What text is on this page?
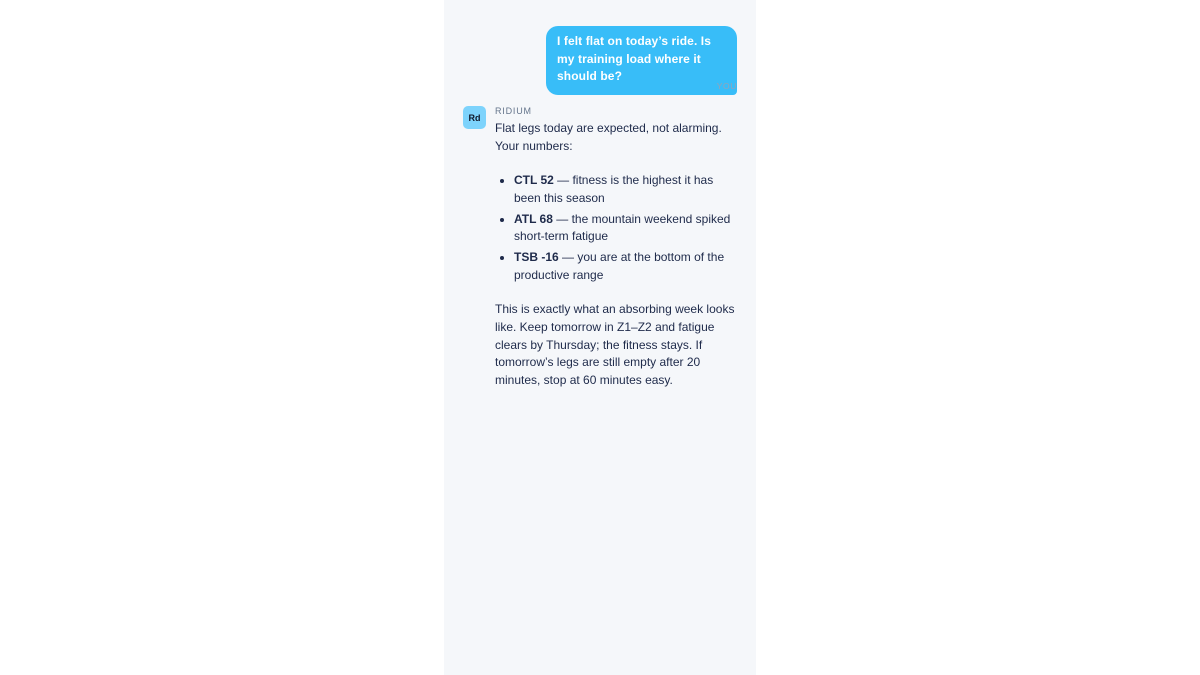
I felt flat on today’s ride. Is my training load where it should be?
YOU
Rd
RIDIUM

Flat legs today are expected, not alarming. Your numbers:

• CTL 52 — fitness is the highest it has been this season
• ATL 68 — the mountain weekend spiked short-term fatigue
• TSB -16 — you are at the bottom of the productive range

This is exactly what an absorbing week looks like. Keep tomorrow in Z1–Z2 and fatigue clears by Thursday; the fitness stays. If tomorrow’s legs are still empty after 20 minutes, stop at 60 minutes easy.
